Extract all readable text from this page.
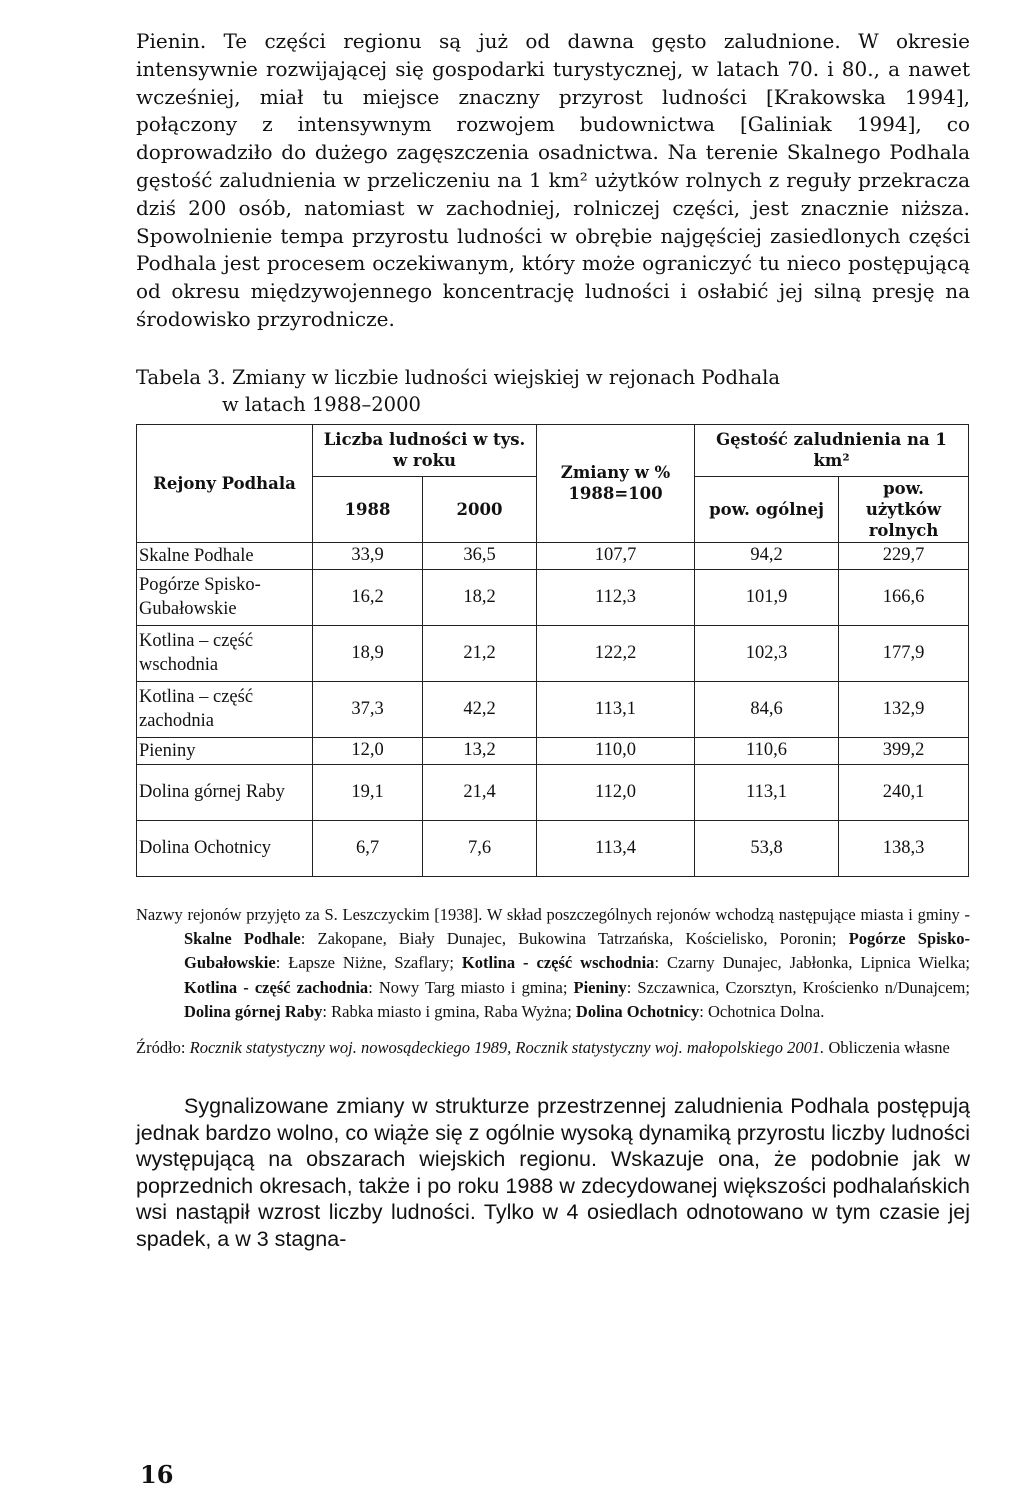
Pienin. Te części regionu są już od dawna gęsto zaludnione. W okresie intensywnie rozwijającej się gospodarki turystycznej, w latach 70. i 80., a nawet wcześniej, miał tu miejsce znaczny przyrost ludności [Krakowska 1994], połączony z intensywnym rozwojem budownictwa [Galiniak 1994], co doprowadziło do dużego zagęszczenia osadnictwa. Na terenie Skalnego Podhala gęstość zaludnienia w przeliczeniu na 1 km² użytków rolnych z reguły przekracza dziś 200 osób, natomiast w zachodniej, rolniczej części, jest znacznie niższa. Spowolnienie tempa przyrostu ludności w obrębie najgęściej zasiedlonych części Podhala jest procesem oczekiwanym, który może ograniczyć tu nieco postępującą od okresu międzywojennego koncentrację ludności i osłabić jej silną presję na środowisko przyrodnicze.

Tabela 3. Zmiany w liczbie ludności wiejskiej w rejonach Podhala
w latach 1988–2000
Rejony Podhala	Liczba ludności w tys. w roku		Zmiany w % 1988=100	Gęstość zaludnienia na 1 km²	
	1988	2000		pow. ogólnej	pow. użytków rolnych
Skalne Podhale	33,9	36,5	107,7	94,2	229,7
Pogórze Spisko-Gubałowskie	16,2	18,2	112,3	101,9	166,6
Kotlina – część wschodnia	18,9	21,2	122,2	102,3	177,9
Kotlina – część zachodnia	37,3	42,2	113,1	84,6	132,9
Pieniny	12,0	13,2	110,0	110,6	399,2
Dolina górnej Raby	19,1	21,4	112,0	113,1	240,1
Dolina Ochotnicy	6,7	7,6	113,4	53,8	138,3
Nazwy rejonów przyjęto za S. Leszczyckim [1938]. W skład poszczególnych rejonów wchodzą następujące miasta i gminy - Skalne Podhale: Zakopane, Biały Dunajec, Bukowina Tatrzańska, Kościelisko, Poronin; Pogórze Spisko-Gubałowskie: Łapsze Niżne, Szaflary; Kotlina - część wschodnia: Czarny Dunajec, Jabłonka, Lipnica Wielka; Kotlina - część zachodnia: Nowy Targ miasto i gmina; Pieniny: Szczawnica, Czorsztyn, Krościenko n/Dunajcem; Dolina górnej Raby: Rabka miasto i gmina, Raba Wyżna; Dolina Ochotnicy: Ochotnica Dolna.
Źródło: Rocznik statystyczny woj. nowosądeckiego 1989, Rocznik statystyczny woj. małopolskiego 2001. Obliczenia własne

Sygnalizowane zmiany w strukturze przestrzennej zaludnienia Podhala postępują jednak bardzo wolno, co wiąże się z ogólnie wysoką dynamiką przyrostu liczby ludności występującą na obszarach wiejskich regionu. Wskazuje ona, że podobnie jak w poprzednich okresach, także i po roku 1988 w zdecydowanej większości podhalańskich wsi nastąpił wzrost liczby ludności. Tylko w 4 osiedlach odnotowano w tym czasie jej spadek, a w 3 stagna-

16
